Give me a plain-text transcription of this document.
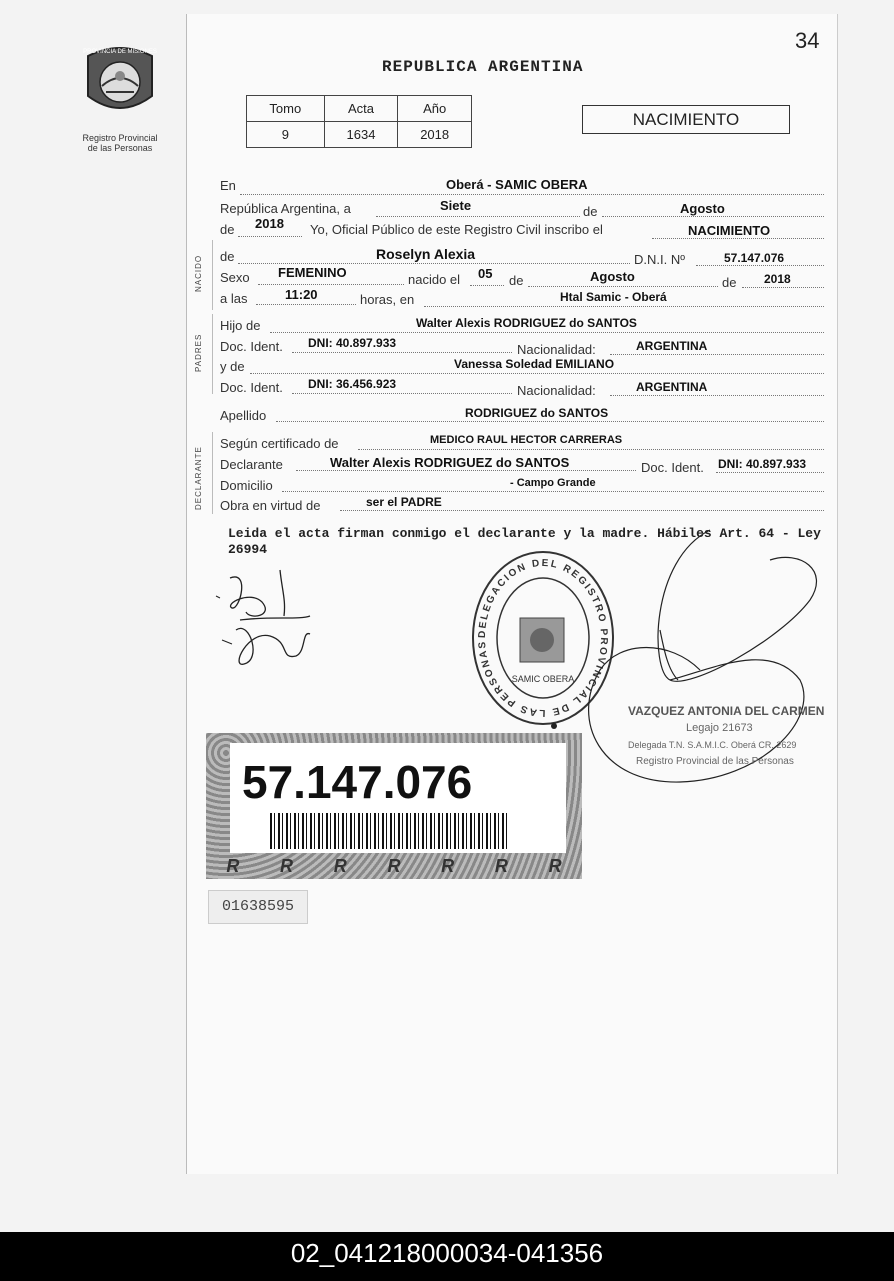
34
PROVINCIA DE MISIONES
Registro Provincial
de las Personas
REPUBLICA ARGENTINA
Tomo	Acta	Año
9	1634	2018
NACIMIENTO
En	Oberá - SAMIC OBERA
República Argentina, a	Siete	de	Agosto
de 2018 Yo, Oficial Público de este Registro Civil inscribo el	NACIMIENTO
NACIDO de	Roselyn Alexia	D.N.I. Nº	57.147.076
Sexo FEMENINO	nacido el 05 de	Agosto	de 2018
a las	11:20	horas, en	Htal Samic - Oberá
PADRES
Hijo de	Walter Alexis RODRIGUEZ do SANTOS
Doc. Ident. DNI: 40.897.933	Nacionalidad:	ARGENTINA
y de	Vanessa Soledad EMILIANO
Doc. Ident. DNI: 36.456.923	Nacionalidad:	ARGENTINA
Apellido	RODRIGUEZ do SANTOS
DECLARANTE
Según certificado de	MEDICO RAUL HECTOR CARRERAS
Declarante	Walter Alexis RODRIGUEZ do SANTOS	Doc. Ident. DNI: 40.897.933
Domicilio	- Campo Grande
Obra en virtud de	ser el PADRE
Leida el acta firman conmigo el declarante y la madre. Hábiles Art. 64 - Ley
26994
DELEGACION DEL REGISTRO PROVINCIAL DE LAS PERSONAS
SAMIC OBERA
VAZQUEZ ANTONIA DEL CARMEN
Legajo 21673
Delegada T.N. S.A.M.I.C. Oberá CR. 2629
Registro Provincial de las Personas
57.147.076
R R R R R R R
01638595
02_041218000034-041356
